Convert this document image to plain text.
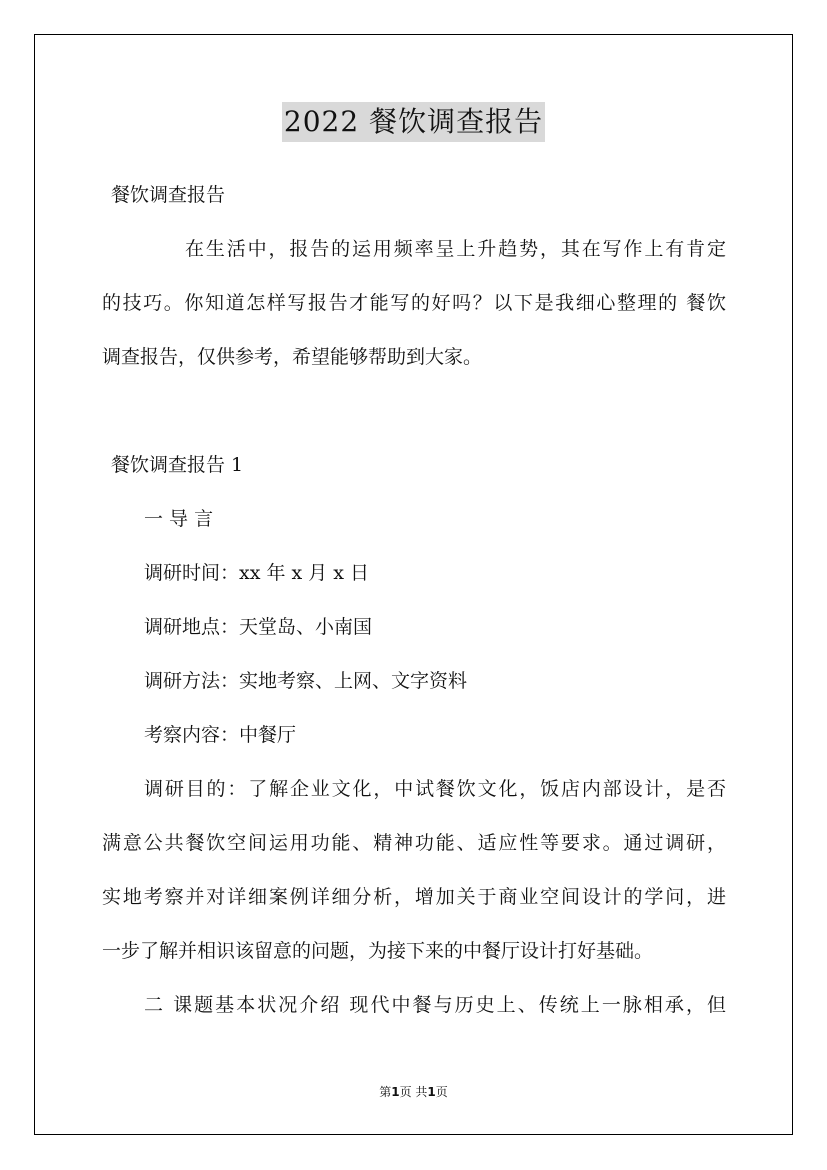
2022 餐饮调查报告
餐饮调查报告
在生活中，报告的运用频率呈上升趋势，其在写作上有肯定
的技巧。你知道怎样写报告才能写的好吗？以下是我细心整理的 餐饮
调查报告，仅供参考，希望能够帮助到大家。
餐饮调查报告 1
一 导 言
调研时间：xx 年 x 月 x 日
调研地点：天堂岛、小南国
调研方法：实地考察、上网、文字资料
考察内容：中餐厅
调研目的：了解企业文化，中试餐饮文化，饭店内部设计，是否
满意公共餐饮空间运用功能、精神功能、适应性等要求。通过调研，
实地考察并对详细案例详细分析，增加关于商业空间设计的学问，进
一步了解并相识该留意的问题，为接下来的中餐厅设计打好基础。
二 课题基本状况介绍 现代中餐与历史上、传统上一脉相承，但
第1页 共1页
